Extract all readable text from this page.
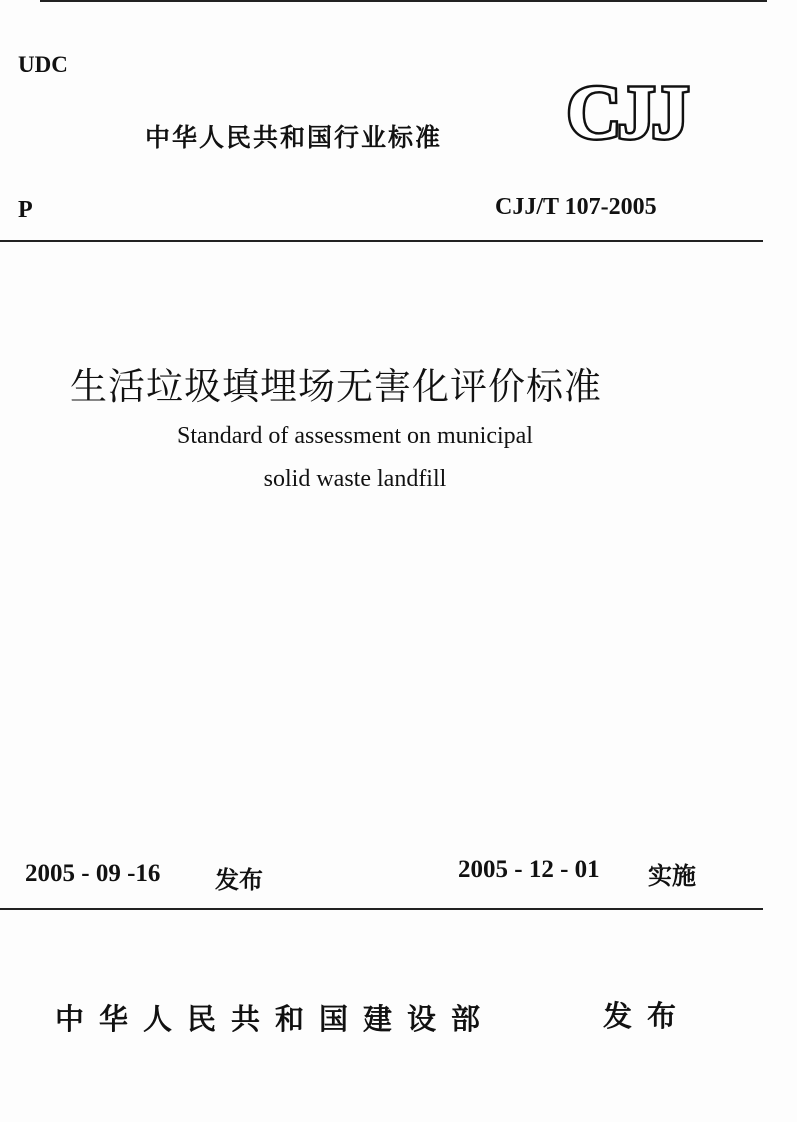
UDC
中华人民共和国行业标准 CJJ
P	CJJ/T 107-2005
生活垃圾填埋场无害化评价标准
Standard of assessment on municipal
solid waste landfill
2005 - 09 -16 发布	2005 - 12 - 01 实施
中华人民共和国建设部	发布
